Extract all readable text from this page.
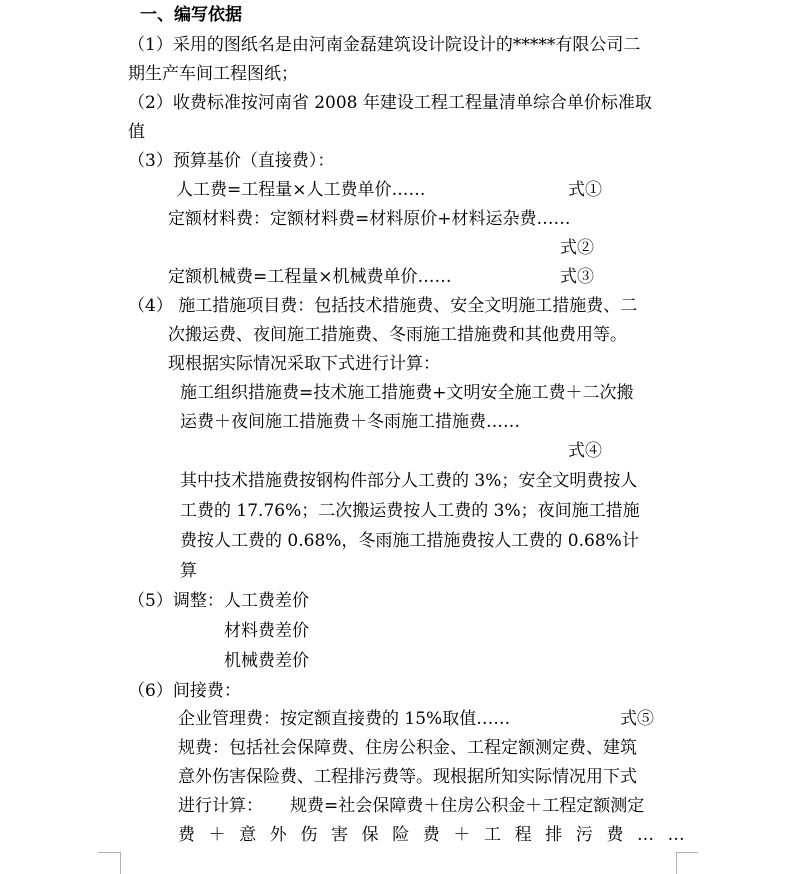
一、编写依据
（1）采用的图纸名是由河南金磊建筑设计院设计的*****有限公司二
期生产车间工程图纸；
（2）收费标准按河南省 2008 年建设工程工程量清单综合单价标准取
值
（3）预算基价（直接费）：
人工费=工程量×人工费单价……	式①
定额材料费：定额材料费=材料原价+材料运杂费……
式②
定额机械费=工程量×机械费单价……	式③
（4） 施工措施项目费：包括技术措施费、安全文明施工措施费、二
次搬运费、夜间施工措施费、冬雨施工措施费和其他费用等。
现根据实际情况采取下式进行计算：
施工组织措施费=技术施工措施费+文明安全施工费＋二次搬
运费＋夜间施工措施费＋冬雨施工措施费……
式④
其中技术措施费按钢构件部分人工费的 3%；安全文明费按人
工费的 17.76%；二次搬运费按人工费的 3%；夜间施工措施
费按人工费的 0.68%，冬雨施工措施费按人工费的 0.68%计
算
（5）调整： 人工费差价
材料费差价
机械费差价
（6）间接费：
企业管理费：按定额直接费的 15%取值……	式⑤
规费：包括社会保障费、住房公积金、工程定额测定费、建筑
意外伤害保险费、工程排污费等。现根据所知实际情况用下式
进行计算： 规费=社会保障费＋住房公积金＋工程定额测定
费＋意外伤害保险费＋工程排污费……
